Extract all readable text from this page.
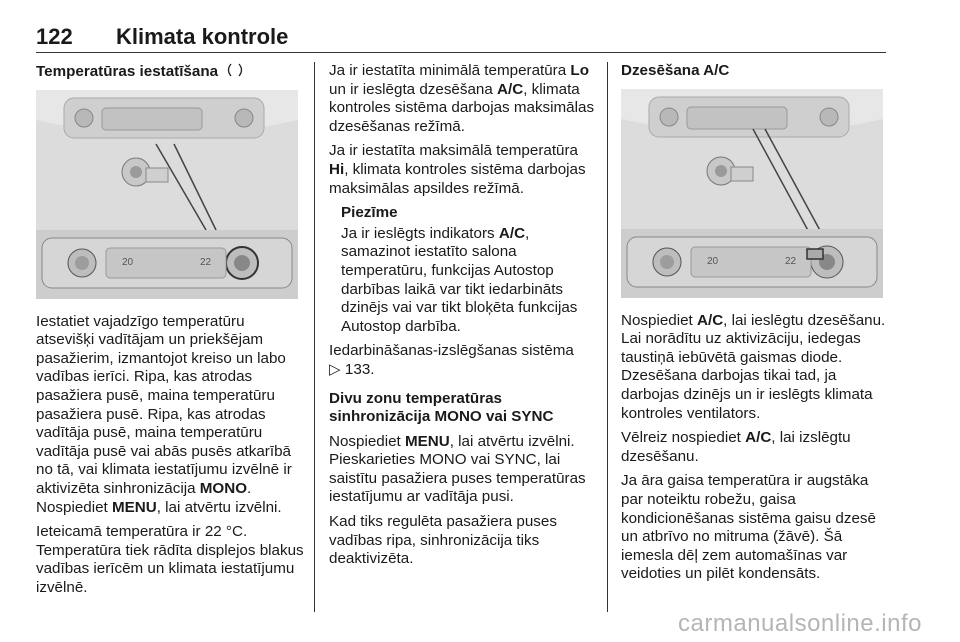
122 Klimata kontrole
Temperatūras iestatīšana
20	22

Iestatiet vajadzīgo temperatūru atsevišķi vadītājam un priekšējam pasažierim, izmantojot kreiso un labo vadības ierīci. Ripa, kas atrodas pasažiera pusē, maina temperatūru pasažiera pusē. Ripa, kas atrodas vadītāja pusē, maina temperatūru vadītāja pusē vai abās pusēs atkarībā no tā, vai klimata iestatījumu izvēlnē ir aktivizēta sinhronizācija MONO. Nospiediet MENU, lai atvērtu izvēlni.

Ieteicamā temperatūra ir 22 °C. Temperatūra tiek rādīta displejos blakus vadības ierīcēm un klimata iestatījumu izvēlnē.

Ja ir iestatīta minimālā temperatūra Lo un ir ieslēgta dzesēšana A/C, klimata kontroles sistēma darbojas maksimālas dzesēšanas režīmā.

Ja ir iestatīta maksimālā temperatūra Hi, klimata kontroles sistēma darbojas maksimālas apsildes režīmā.

Piezīme
Ja ir ieslēgts indikators A/C, samazinot iestatīto salona temperatūru, funkcijas Autostop darbības laikā var tikt iedarbināts dzinējs vai var tikt bloķēta funkcijas Autostop darbība.

Iedarbināšanas-izslēgšanas sistēma
▷ 133.

Divu zonu temperatūras sinhronizācija MONO vai SYNC

Nospiediet MENU, lai atvērtu izvēlni. Pieskarieties MONO vai SYNC, lai saistītu pasažiera puses temperatūras iestatījumu ar vadītāja pusi.

Kad tiks regulēta pasažiera puses vadības ripa, sinhronizācija tiks deaktivizēta.

Dzesēšana A/C
20	22

Nospiediet A/C, lai ieslēgtu dzesēšanu. Lai norādītu uz aktivizāciju, iedegas taustiņā iebūvētā gaismas diode. Dzesēšana darbojas tikai tad, ja darbojas dzinējs un ir ieslēgts klimata kontroles ventilators.

Vēlreiz nospiediet A/C, lai izslēgtu dzesēšanu.

Ja āra gaisa temperatūra ir augstāka par noteiktu robežu, gaisa kondicionēšanas sistēma gaisu dzesē un atbrīvo no mitruma (žāvē). Šā iemesla dēļ zem automašīnas var veidoties un pilēt kondensāts.

carmanualsonline.info
